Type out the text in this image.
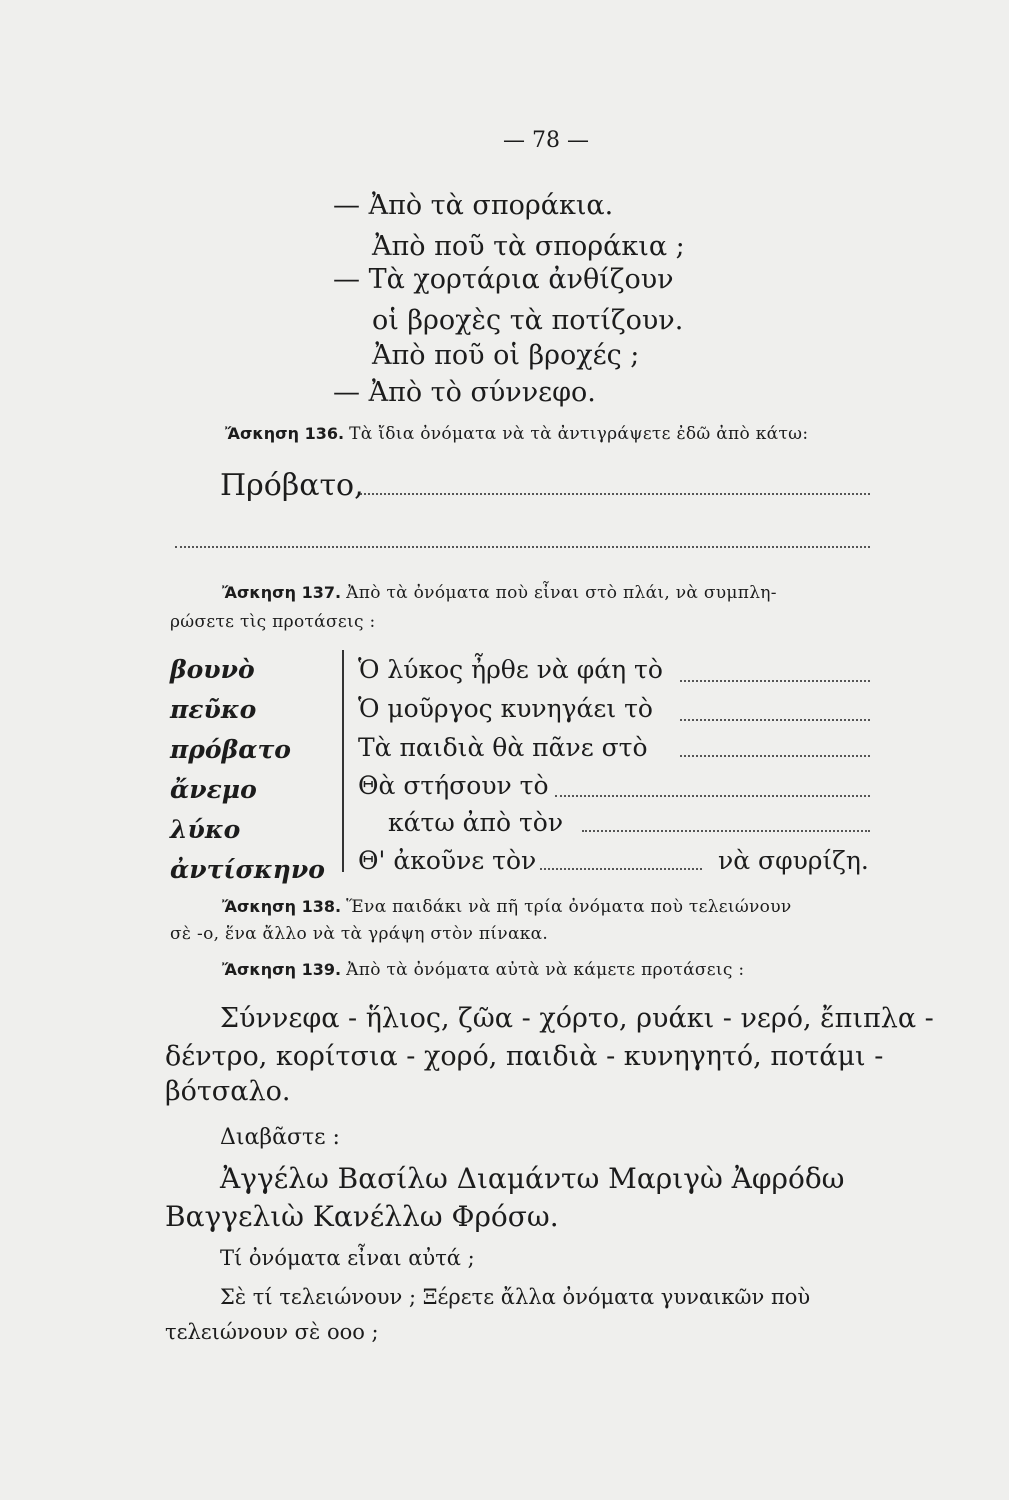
— 78 —
— Ἀπὸ τὰ σποράκια.
Ἀπὸ ποῦ τὰ σποράκια ;
— Τὰ χορτάρια ἀνθίζουν
οἱ βροχὲς τὰ ποτίζουν.
Ἀπὸ ποῦ οἱ βροχές ;
— Ἀπὸ τὸ σύννεφο.
Ἄσκηση 136. Τὰ ἴδια ὀνόματα νὰ τὰ ἀντιγράψετε ἐδῶ ἀπὸ κάτω:
Πρόβατο,
Ἄσκηση 137. Ἀπὸ τὰ ὀνόματα ποὺ εἶναι στὸ πλάι, νὰ συμπλη-
ρώσετε τὶς προτάσεις :
βουνὸ
πεῦκο
πρόβατο
ἄνεμο
λύκο
ἀντίσκηνο
Ὁ λύκος ἦρθε νὰ φάη τὸ
Ὁ μοῦργος κυνηγάει τὸ
Τὰ παιδιὰ θὰ πᾶνε στὸ
Θὰ στήσουν τὸ
κάτω ἀπὸ τὸν
Θ' ἀκοῦνε τὸν	νὰ σφυρίζη.
Ἄσκηση 138. Ἕνα παιδάκι νὰ πῆ τρία ὀνόματα ποὺ τελειώνουν
σὲ -ο, ἕνα ἄλλο νὰ τὰ γράψη στὸν πίνακα.
Ἄσκηση 139. Ἀπὸ τὰ ὀνόματα αὐτὰ νὰ κάμετε προτάσεις :
Σύννεφα - ἥλιος, ζῶα - χόρτο, ρυάκι - νερό, ἔπιπλα -
δέντρο, κορίτσια - χορό, παιδιὰ - κυνηγητό, ποτάμι -
βότσαλο.
Διαβᾶστε :
Ἀγγέλω Βασίλω Διαμάντω Μαριγὼ Ἀφρόδω
Βαγγελιὼ Κανέλλω Φρόσω.
Τί ὀνόματα εἶναι αὐτά ;
Σὲ τί τελειώνουν ; Ξέρετε ἄλλα ὀνόματα γυναικῶν ποὺ
τελειώνουν σὲ οοο ;
